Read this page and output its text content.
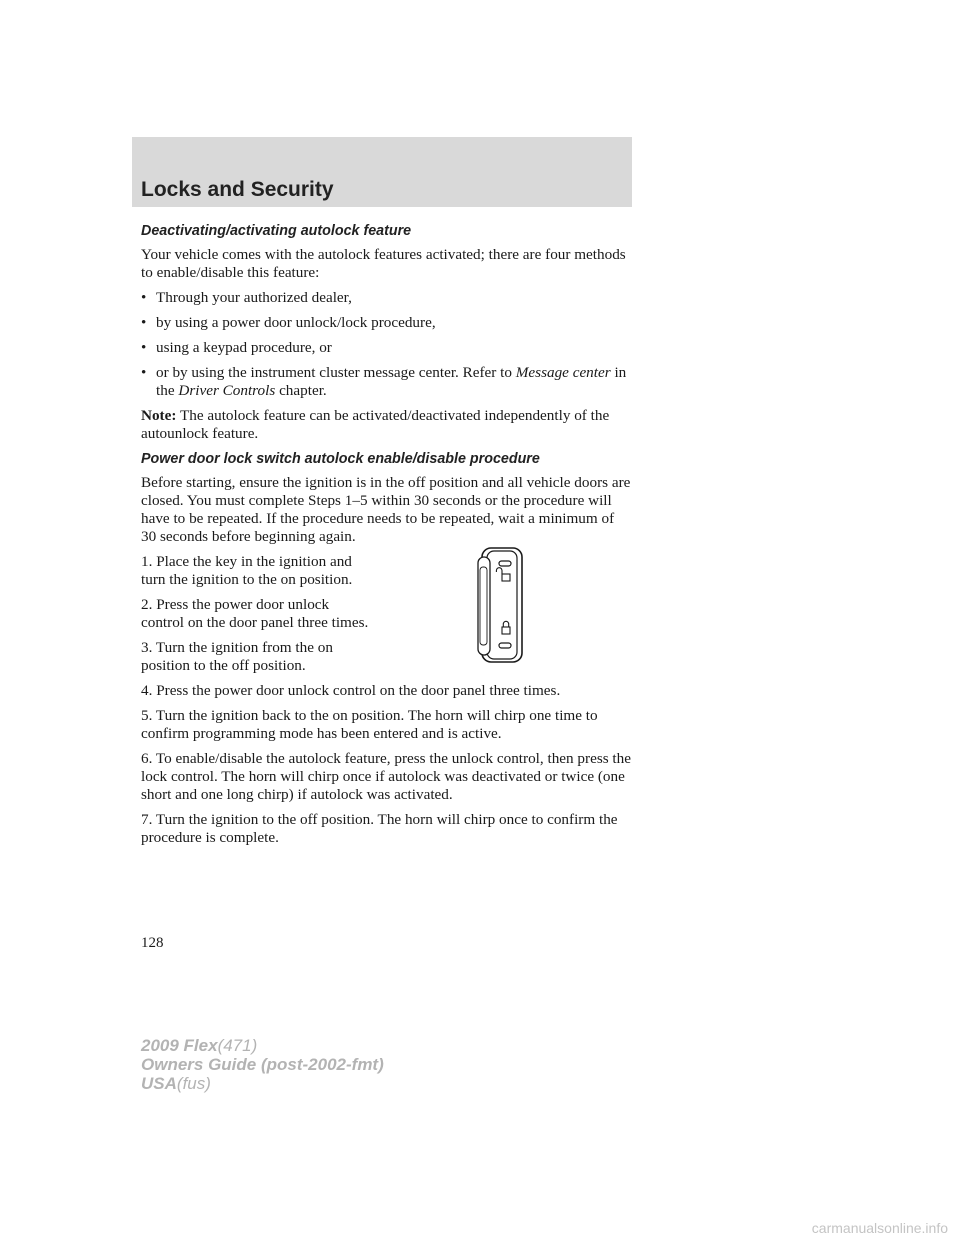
Locks and Security
Deactivating/activating autolock feature

Your vehicle comes with the autolock features activated; there are four methods to enable/disable this feature:

• Through your authorized dealer,
• by using a power door unlock/lock procedure,
• using a keypad procedure, or
• or by using the instrument cluster message center. Refer to Message center in the Driver Controls chapter.

Note: The autolock feature can be activated/deactivated independently of the autounlock feature.

Power door lock switch autolock enable/disable procedure

Before starting, ensure the ignition is in the off position and all vehicle doors are closed. You must complete Steps 1–5 within 30 seconds or the procedure will have to be repeated. If the procedure needs to be repeated, wait a minimum of 30 seconds before beginning again.

1. Place the key in the ignition and turn the ignition to the on position.

2. Press the power door unlock control on the door panel three times.

3. Turn the ignition from the on position to the off position.

4. Press the power door unlock control on the door panel three times.

5. Turn the ignition back to the on position. The horn will chirp one time to confirm programming mode has been entered and is active.

6. To enable/disable the autolock feature, press the unlock control, then press the lock control. The horn will chirp once if autolock was deactivated or twice (one short and one long chirp) if autolock was activated.

7. Turn the ignition to the off position. The horn will chirp once to confirm the procedure is complete.

128
2009 Flex(471)
Owners Guide (post-2002-fmt)
USA(fus)
carmanualsonline.info
